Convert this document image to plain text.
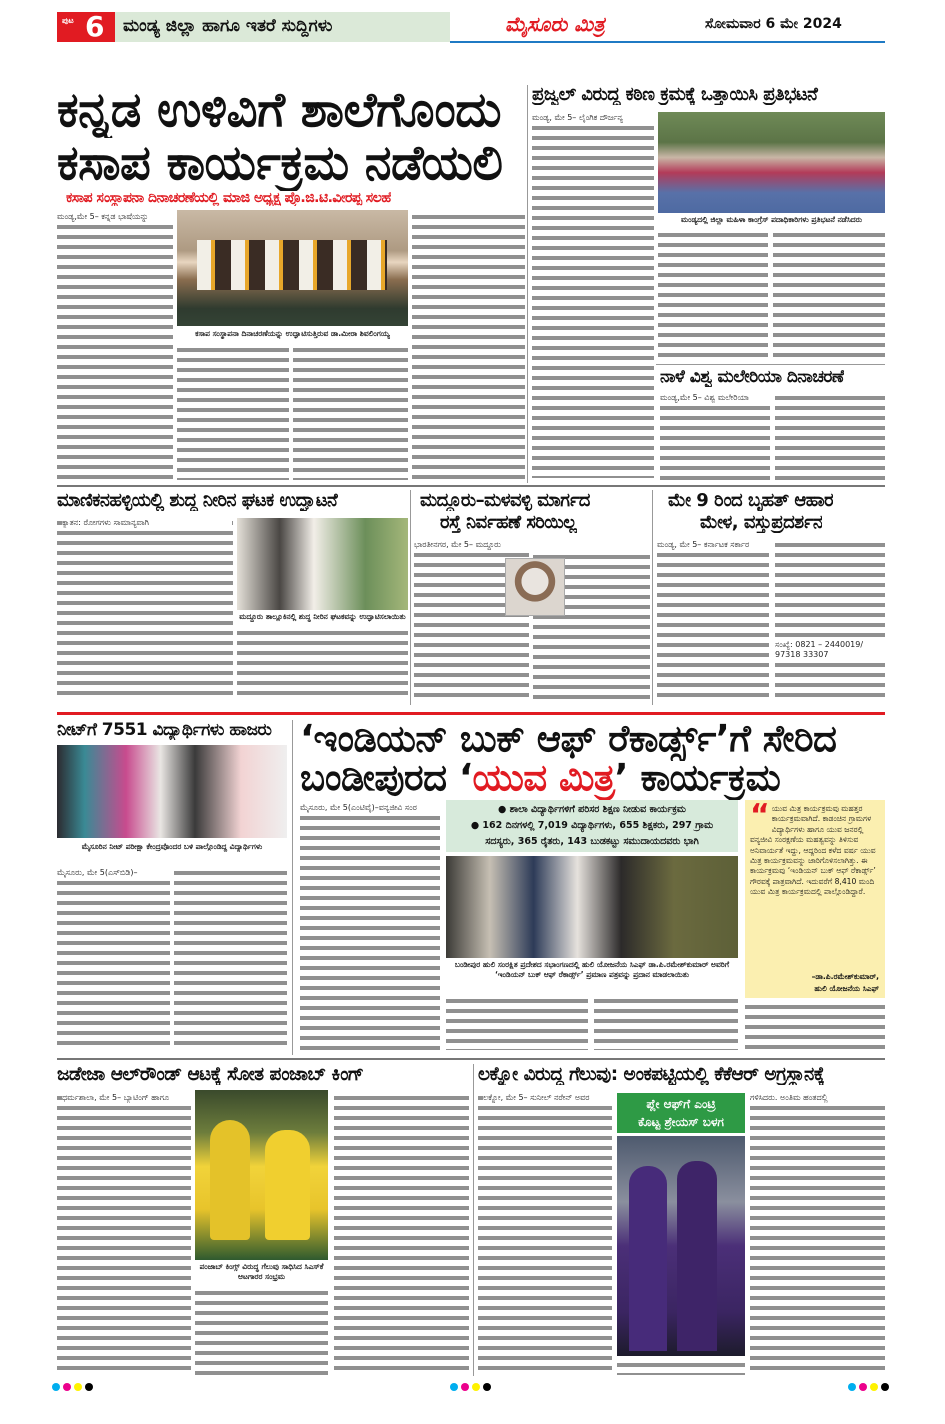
ಪುಟ 6 ಮಂಡ್ಯ ಜಿಲ್ಲಾ ಹಾಗೂ ಇತರೆ ಸುದ್ದಿಗಳು	ಮೈಸೂರು ಮಿತ್ರ	ಸೋಮವಾರ 6 ಮೇ 2024
ಕನ್ನಡ ಉಳಿವಿಗೆ ಶಾಲೆಗೊಂದು
ಕಸಾಪ ಕಾರ್ಯಕ್ರಮ ನಡೆಯಲಿ
ಕಸಾಪ ಸಂಸ್ಥಾಪನಾ ದಿನಾಚರಣೆಯಲ್ಲಿ ಮಾಜಿ ಅಧ್ಯಕ್ಷ ಪ್ರೊ.ಜಿ.ಟಿ.ವೀರಪ್ಪ ಸಲಹೆ
ಮಂಡ್ಯ,ಮೇ 5– ಕನ್ನಡ ಭಾಷೆಯನ್ನು
ಕಸಾಪ ಸಂಸ್ಥಾಪನಾ ದಿನಾಚರಣೆಯನ್ನು ಉದ್ಘಾಟಿಸುತ್ತಿರುವ ಡಾ.ಮೀರಾ ಶಿವಲಿಂಗಯ್ಯ
ಪ್ರಜ್ವಲ್ ವಿರುದ್ಧ ಕಠಿಣ ಕ್ರಮಕ್ಕೆ ಒತ್ತಾಯಿಸಿ ಪ್ರತಿಭಟನೆ
ಮಂಡ್ಯ, ಮೇ 5– ಲೈಂಗಿಕ ದೌರ್ಜನ್ಯ
ಮಂಡ್ಯದಲ್ಲಿ ಜಿಲ್ಲಾ ಮಹಿಳಾ ಕಾಂಗ್ರೆಸ್ ಪದಾಧಿಕಾರಿಗಳು ಪ್ರತಿಭಟನೆ ನಡೆಸಿದರು
ನಾಳೆ ವಿಶ್ವ ಮಲೇರಿಯಾ ದಿನಾಚರಣೆ
ಮಂಡ್ಯ,ಮೇ 5– ವಿಶ್ವ ಮಲೇರಿಯಾ
ಮಾಣಿಕನಹಳ್ಳಿಯಲ್ಲಿ ಶುದ್ಧ ನೀರಿನ ಘಟಕ ಉದ್ಘಾಟನೆ
ಕ್ಯಾತನ: ರೋಗಗಳು ಸಾಮಾನ್ಯವಾಗಿ
ಮದ್ದೂರು ತಾಲ್ಲೂಕಿನಲ್ಲಿ ಶುದ್ಧ ನೀರಿನ ಘಟಕವನ್ನು ಉದ್ಘಾಟಿಸಲಾಯಿತು
ಮದ್ದೂರು–ಮಳವಳ್ಳಿ ಮಾರ್ಗದ
ರಸ್ತೆ ನಿರ್ವಹಣೆ ಸರಿಯಿಲ್ಲ
ಭಾರತೀನಗರ, ಮೇ 5– ಮದ್ದೂರು
ಮೇ 9 ರಿಂದ ಬೃಹತ್ ಆಹಾರ
ಮೇಳ, ವಸ್ತುಪ್ರದರ್ಶನ
ಮಂಡ್ಯ, ಮೇ 5– ಕರ್ನಾಟಕ ಸರ್ಕಾರ
ಸಂಖ್ಯೆ: 0821 – 2440019/ 97318 33307
ನೀಟ್‌ಗೆ 7551 ವಿದ್ಯಾರ್ಥಿಗಳು ಹಾಜರು
ಮೈಸೂರಿನ ನೀಟ್ ಪರೀಕ್ಷಾ ಕೇಂದ್ರವೊಂದರ ಬಳಿ ಪಾಲ್ಗೊಂಡಿದ್ದ ವಿದ್ಯಾರ್ಥಿಗಳು
ಮೈಸೂರು, ಮೇ 5(ಎಸ್‌ಬಿಡಿ)–
‘ಇಂಡಿಯನ್ ಬುಕ್ ಆಫ್ ರೆಕಾರ್ಡ್ಸ್’ಗೆ ಸೇರಿದ
ಬಂಡೀಪುರದ ‘ಯುವ ಮಿತ್ರ’ ಕಾರ್ಯಕ್ರಮ
ಮೈಸೂರು, ಮೇ 5(ಎಂಟಿವೈ)–ವನ್ಯಜೀವಿ ಸಂರ	● ಶಾಲಾ ವಿದ್ಯಾರ್ಥಿಗಳಿಗೆ ಪರಿಸರ ಶಿಕ್ಷಣ ನೀಡುವ ಕಾರ್ಯಕ್ರಮ
● 162 ದಿನಗಳಲ್ಲಿ 7,019 ವಿದ್ಯಾರ್ಥಿಗಳು, 655 ಶಿಕ್ಷಕರು, 297 ಗ್ರಾಮ
ಸದಸ್ಯರು, 365 ರೈತರು, 143 ಬುಡಕಟ್ಟು ಸಮುದಾಯದವರು ಭಾಗಿ
ಬಂಡೀಪುರ ಹುಲಿ ಸಂರಕ್ಷಿತ ಪ್ರದೇಶದ ಸಭಾಂಗಣದಲ್ಲಿ ಹುಲಿ ಯೋಜನೆಯ ಸಿಎಫ್ ಡಾ.ಪಿ.ರಮೇಶ್‌ಕುಮಾರ್ ಅವರಿಗೆ ‘ಇಂಡಿಯನ್ ಬುಕ್ ಆಫ್ ರೆಕಾರ್ಡ್ಸ್’ ಪ್ರಮಾಣ ಪತ್ರವನ್ನು ಪ್ರದಾನ ಮಾಡಲಾಯಿತು
“ ಯುವ ಮಿತ್ರ ಕಾರ್ಯಕ್ರಮವು ಮಹತ್ತರ ಕಾರ್ಯಕ್ರಮವಾಗಿದೆ. ಕಾಡಂಚಿನ ಗ್ರಾಮಗಳ ವಿದ್ಯಾರ್ಥಿಗಳು ಹಾಗೂ ಯುವ ಜನರಲ್ಲಿ ವನ್ಯಜೀವಿ ಸಂರಕ್ಷಣೆಯ ಮಹತ್ವವನ್ನು ತಿಳಿಸುವ ಅನಿವಾರ್ಯತೆ ಇದ್ದು, ಆದ್ದರಿಂದ ಕಳೆದ ವರ್ಷ ಯುವ ಮಿತ್ರ ಕಾರ್ಯಕ್ರಮವನ್ನು ಜಾರಿಗೊಳಿಸಲಾಗಿತ್ತು. ಈ ಕಾರ್ಯಕ್ರಮವು ‘ಇಂಡಿಯನ್ ಬುಕ್ ಆಫ್ ರೆಕಾರ್ಡ್ಸ್’ ಗೌರವಕ್ಕೆ ಪಾತ್ರವಾಗಿದೆ. ಇದುವರೆಗೆ 8,410 ಮಂದಿ ಯುವ ಮಿತ್ರ ಕಾರ್ಯಕ್ರಮದಲ್ಲಿ ಪಾಲ್ಗೊಂಡಿದ್ದಾರೆ.
–ಡಾ.ಪಿ.ರಮೇಶ್‌ಕುಮಾರ್,
ಹುಲಿ ಯೋಜನೆಯ ಸಿಎಫ್
ಜಡೇಜಾ ಆಲ್‌ರೌಂಡ್ ಆಟಕ್ಕೆ ಸೋತ ಪಂಜಾಬ್ ಕಿಂಗ್
ಧರ್ಮಶಾಲಾ, ಮೇ 5– ಬ್ಯಾಟಿಂಗ್ ಹಾಗೂ
ಪಂಜಾಬ್ ಕಿಂಗ್ಸ್ ವಿರುದ್ಧ ಗೆಲುವು ಸಾಧಿಸಿದ ಸಿಎಸ್‌ಕೆ ಆಟಗಾರರ ಸಂಭ್ರಮ
ಲಕ್ನೋ ವಿರುದ್ಧ ಗೆಲುವು: ಅಂಕಪಟ್ಟಿಯಲ್ಲಿ ಕೆಕೆಆರ್ ಅಗ್ರಸ್ಥಾನಕ್ಕೆ
ಲಕ್ನೋ, ಮೇ 5– ಸುನೀಲ್ ನರೇನ್ ಅವರ	ಪ್ಲೇ ಆಫ್‌ಗೆ ಎಂಟ್ರಿ
ಕೊಟ್ಟ ಶ್ರೇಯಸ್ ಬಳಗ
ಗಳಿಸಿದರು. ಅಂತಿಮ ಹಂತದಲ್ಲಿ
